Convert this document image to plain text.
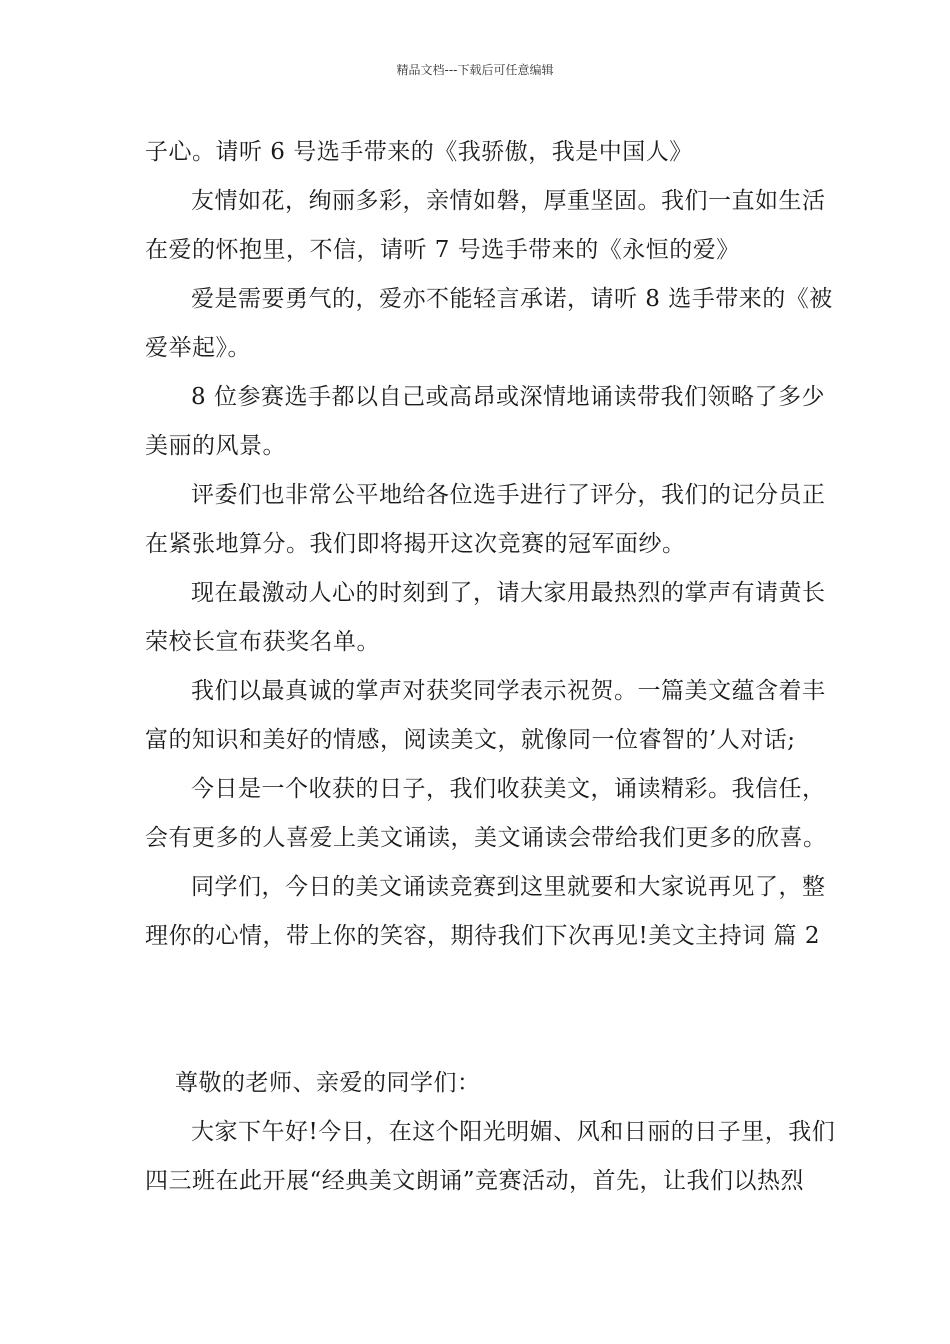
精品文档---下载后可任意编辑

子心。请听 6 号选手带来的《我骄傲，我是中国人》

友情如花，绚丽多彩，亲情如磐，厚重坚固。我们一直如生活

在爱的怀抱里，不信，请听 7 号选手带来的《永恒的爱》

爱是需要勇气的，爱亦不能轻言承诺，请听 8 选手带来的《被

爱举起》。

8 位参赛选手都以自己或高昂或深情地诵读带我们领略了多少

美丽的风景。

评委们也非常公平地给各位选手进行了评分，我们的记分员正

在紧张地算分。我们即将揭开这次竞赛的冠军面纱。

现在最激动人心的时刻到了，请大家用最热烈的掌声有请黄长

荣校长宣布获奖名单。

我们以最真诚的掌声对获奖同学表示祝贺。一篇美文蕴含着丰

富的知识和美好的情感，阅读美文，就像同一位睿智的’人对话;

今日是一个收获的日子，我们收获美文，诵读精彩。我信任，

会有更多的人喜爱上美文诵读，美文诵读会带给我们更多的欣喜。

同学们，今日的美文诵读竞赛到这里就要和大家说再见了，整

理你的心情，带上你的笑容，期待我们下次再见!美文主持词 篇 2

尊敬的老师、亲爱的同学们：

大家下午好!今日，在这个阳光明媚、风和日丽的日子里，我们

四三班在此开展“经典美文朗诵”竞赛活动，首先，让我们以热烈
